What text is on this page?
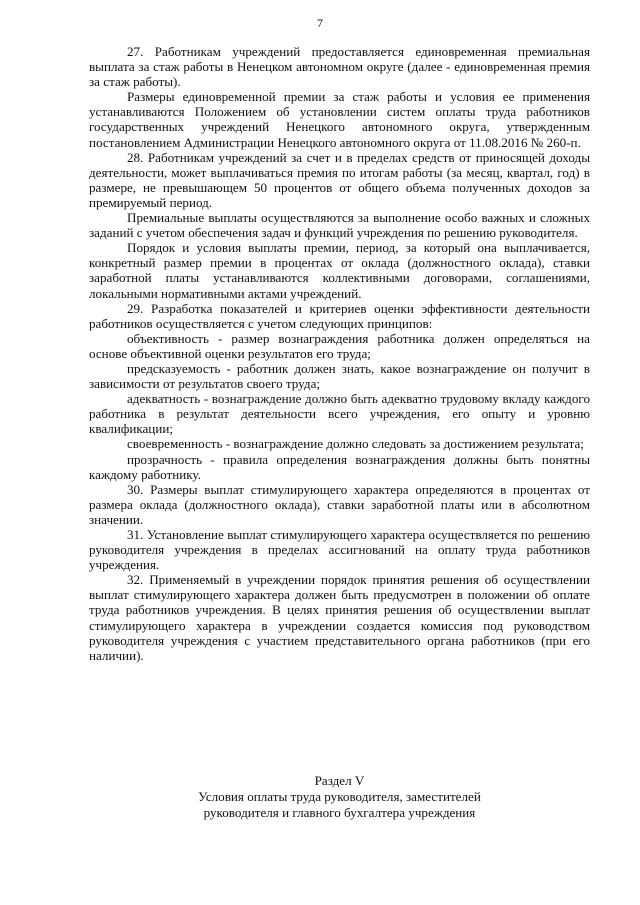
7

27. Работникам учреждений предоставляется единовременная премиальная выплата за стаж работы в Ненецком автономном округе (далее - единовременная премия за стаж работы).

Размеры единовременной премии за стаж работы и условия ее применения устанавливаются Положением об установлении систем оплаты труда работников государственных учреждений Ненецкого автономного округа, утвержденным постановлением Администрации Ненецкого автономного округа от 11.08.2016 № 260-п.

28. Работникам учреждений за счет и в пределах средств от приносящей доходы деятельности, может выплачиваться премия по итогам работы (за месяц, квартал, год) в размере, не превышающем 50 процентов от общего объема полученных доходов за премируемый период.

Премиальные выплаты осуществляются за выполнение особо важных и сложных заданий с учетом обеспечения задач и функций учреждения по решению руководителя.

Порядок и условия выплаты премии, период, за который она выплачивается, конкретный размер премии в процентах от оклада (должностного оклада), ставки заработной платы устанавливаются коллективными договорами, соглашениями, локальными нормативными актами учреждений.

29. Разработка показателей и критериев оценки эффективности деятельности работников осуществляется с учетом следующих принципов:

объективность - размер вознаграждения работника должен определяться на основе объективной оценки результатов его труда;

предсказуемость - работник должен знать, какое вознаграждение он получит в зависимости от результатов своего труда;

адекватность - вознаграждение должно быть адекватно трудовому вкладу каждого работника в результат деятельности всего учреждения, его опыту и уровню квалификации;

своевременность - вознаграждение должно следовать за достижением результата;

прозрачность - правила определения вознаграждения должны быть понятны каждому работнику.

30. Размеры выплат стимулирующего характера определяются в процентах от размера оклада (должностного оклада), ставки заработной платы или в абсолютном значении.

31. Установление выплат стимулирующего характера осуществляется по решению руководителя учреждения в пределах ассигнований на оплату труда работников учреждения.

32. Применяемый в учреждении порядок принятия решения об осуществлении выплат стимулирующего характера должен быть предусмотрен в положении об оплате труда работников учреждения. В целях принятия решения об осуществлении выплат стимулирующего характера в учреждении создается комиссия под руководством руководителя учреждения с участием представительного органа работников (при его наличии).

Раздел V
Условия оплаты труда руководителя, заместителей
руководителя и главного бухгалтера учреждения
